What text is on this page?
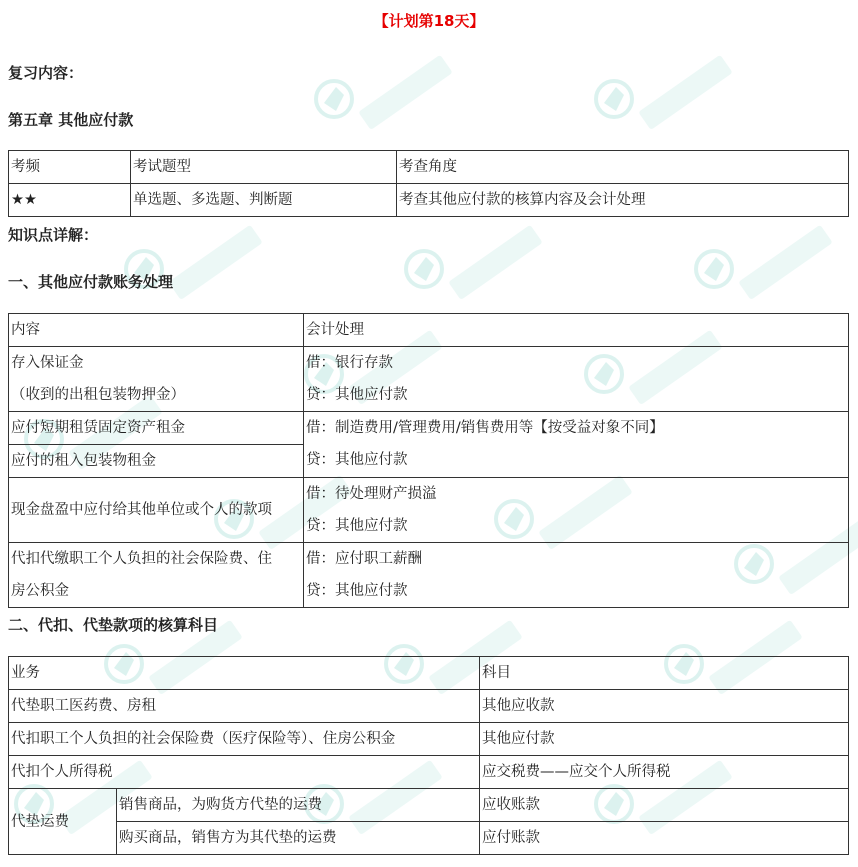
【计划第18天】
复习内容：
第五章 其他应付款
考频	考试题型	考查角度
★★	单选题、多选题、判断题	考查其他应付款的核算内容及会计处理
知识点详解：
一、其他应付款账务处理
内容	会计处理

存入保证金
（收到的出租包装物押金）	借：银行存款
贷：其他应付款

应付短期租赁固定资产租金	借：制造费用/管理费用/销售费用等【按受益对象不同】
贷：其他应付款

应付的租入包装物租金	
现金盘盈中应付给其他单位或个人的款项	借：待处理财产损溢
贷：其他应付款

代扣代缴职工个人负担的社会保险费、住
房公积金	借：应付职工薪酬
贷：其他应付款
二、代扣、代垫款项的核算科目
业务		科目
代垫职工医药费、房租		其他应收款
代扣职工个人负担的社会保险费（医疗保险等）、住房公积金		其他应付款
代扣个人所得税		应交税费——应交个人所得税
代垫运费	销售商品，为购货方代垫的运费	应收账款
	购买商品，销售方为其代垫的运费	应付账款
